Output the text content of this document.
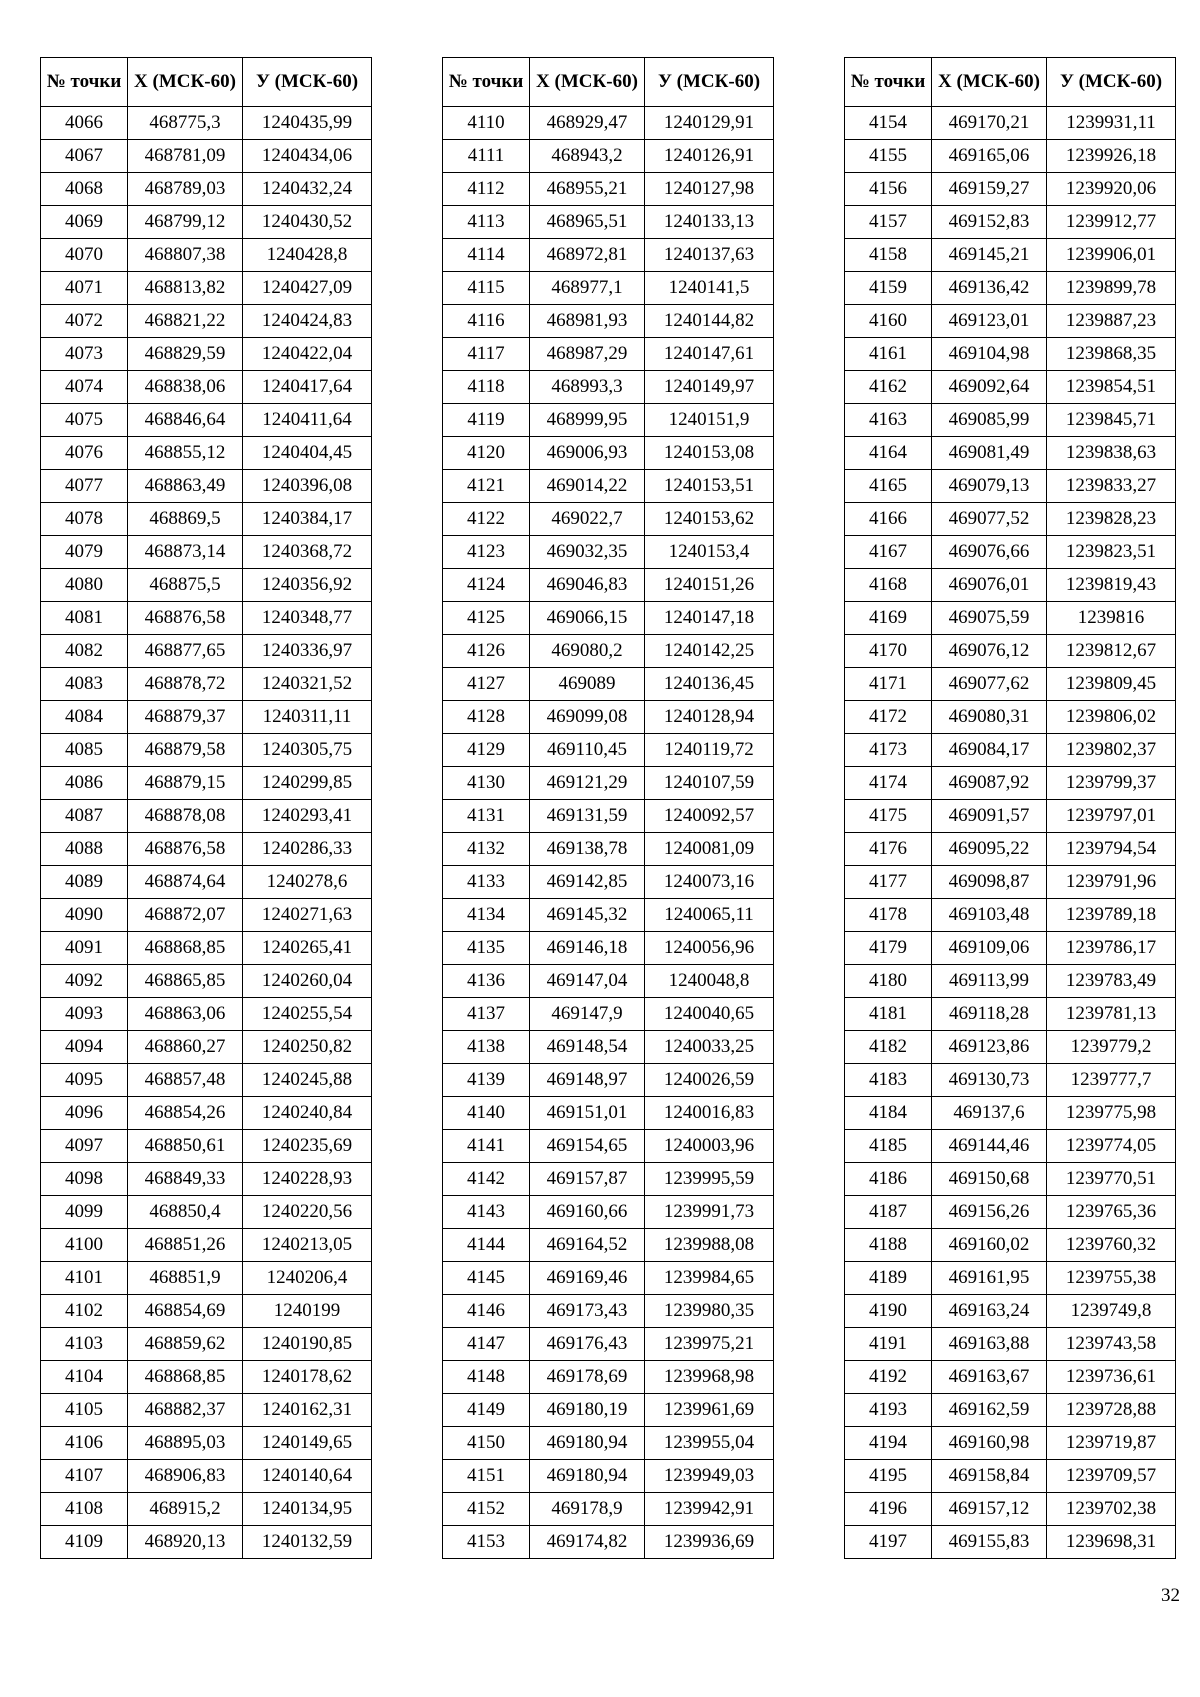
№ точки	X (МСК-60)	У (МСК-60)
4066	468775,3	1240435,99
4067	468781,09	1240434,06
4068	468789,03	1240432,24
4069	468799,12	1240430,52
4070	468807,38	1240428,8
4071	468813,82	1240427,09
4072	468821,22	1240424,83
4073	468829,59	1240422,04
4074	468838,06	1240417,64
4075	468846,64	1240411,64
4076	468855,12	1240404,45
4077	468863,49	1240396,08
4078	468869,5	1240384,17
4079	468873,14	1240368,72
4080	468875,5	1240356,92
4081	468876,58	1240348,77
4082	468877,65	1240336,97
4083	468878,72	1240321,52
4084	468879,37	1240311,11
4085	468879,58	1240305,75
4086	468879,15	1240299,85
4087	468878,08	1240293,41
4088	468876,58	1240286,33
4089	468874,64	1240278,6
4090	468872,07	1240271,63
4091	468868,85	1240265,41
4092	468865,85	1240260,04
4093	468863,06	1240255,54
4094	468860,27	1240250,82
4095	468857,48	1240245,88
4096	468854,26	1240240,84
4097	468850,61	1240235,69
4098	468849,33	1240228,93
4099	468850,4	1240220,56
4100	468851,26	1240213,05
4101	468851,9	1240206,4
4102	468854,69	1240199
4103	468859,62	1240190,85
4104	468868,85	1240178,62
4105	468882,37	1240162,31
4106	468895,03	1240149,65
4107	468906,83	1240140,64
4108	468915,2	1240134,95
4109	468920,13	1240132,59
№ точки	X (МСК-60)	У (МСК-60)
4110	468929,47	1240129,91
4111	468943,2	1240126,91
4112	468955,21	1240127,98
4113	468965,51	1240133,13
4114	468972,81	1240137,63
4115	468977,1	1240141,5
4116	468981,93	1240144,82
4117	468987,29	1240147,61
4118	468993,3	1240149,97
4119	468999,95	1240151,9
4120	469006,93	1240153,08
4121	469014,22	1240153,51
4122	469022,7	1240153,62
4123	469032,35	1240153,4
4124	469046,83	1240151,26
4125	469066,15	1240147,18
4126	469080,2	1240142,25
4127	469089	1240136,45
4128	469099,08	1240128,94
4129	469110,45	1240119,72
4130	469121,29	1240107,59
4131	469131,59	1240092,57
4132	469138,78	1240081,09
4133	469142,85	1240073,16
4134	469145,32	1240065,11
4135	469146,18	1240056,96
4136	469147,04	1240048,8
4137	469147,9	1240040,65
4138	469148,54	1240033,25
4139	469148,97	1240026,59
4140	469151,01	1240016,83
4141	469154,65	1240003,96
4142	469157,87	1239995,59
4143	469160,66	1239991,73
4144	469164,52	1239988,08
4145	469169,46	1239984,65
4146	469173,43	1239980,35
4147	469176,43	1239975,21
4148	469178,69	1239968,98
4149	469180,19	1239961,69
4150	469180,94	1239955,04
4151	469180,94	1239949,03
4152	469178,9	1239942,91
4153	469174,82	1239936,69
№ точки	X (МСК-60)	У (МСК-60)
4154	469170,21	1239931,11
4155	469165,06	1239926,18
4156	469159,27	1239920,06
4157	469152,83	1239912,77
4158	469145,21	1239906,01
4159	469136,42	1239899,78
4160	469123,01	1239887,23
4161	469104,98	1239868,35
4162	469092,64	1239854,51
4163	469085,99	1239845,71
4164	469081,49	1239838,63
4165	469079,13	1239833,27
4166	469077,52	1239828,23
4167	469076,66	1239823,51
4168	469076,01	1239819,43
4169	469075,59	1239816
4170	469076,12	1239812,67
4171	469077,62	1239809,45
4172	469080,31	1239806,02
4173	469084,17	1239802,37
4174	469087,92	1239799,37
4175	469091,57	1239797,01
4176	469095,22	1239794,54
4177	469098,87	1239791,96
4178	469103,48	1239789,18
4179	469109,06	1239786,17
4180	469113,99	1239783,49
4181	469118,28	1239781,13
4182	469123,86	1239779,2
4183	469130,73	1239777,7
4184	469137,6	1239775,98
4185	469144,46	1239774,05
4186	469150,68	1239770,51
4187	469156,26	1239765,36
4188	469160,02	1239760,32
4189	469161,95	1239755,38
4190	469163,24	1239749,8
4191	469163,88	1239743,58
4192	469163,67	1239736,61
4193	469162,59	1239728,88
4194	469160,98	1239719,87
4195	469158,84	1239709,57
4196	469157,12	1239702,38
4197	469155,83	1239698,31
32
